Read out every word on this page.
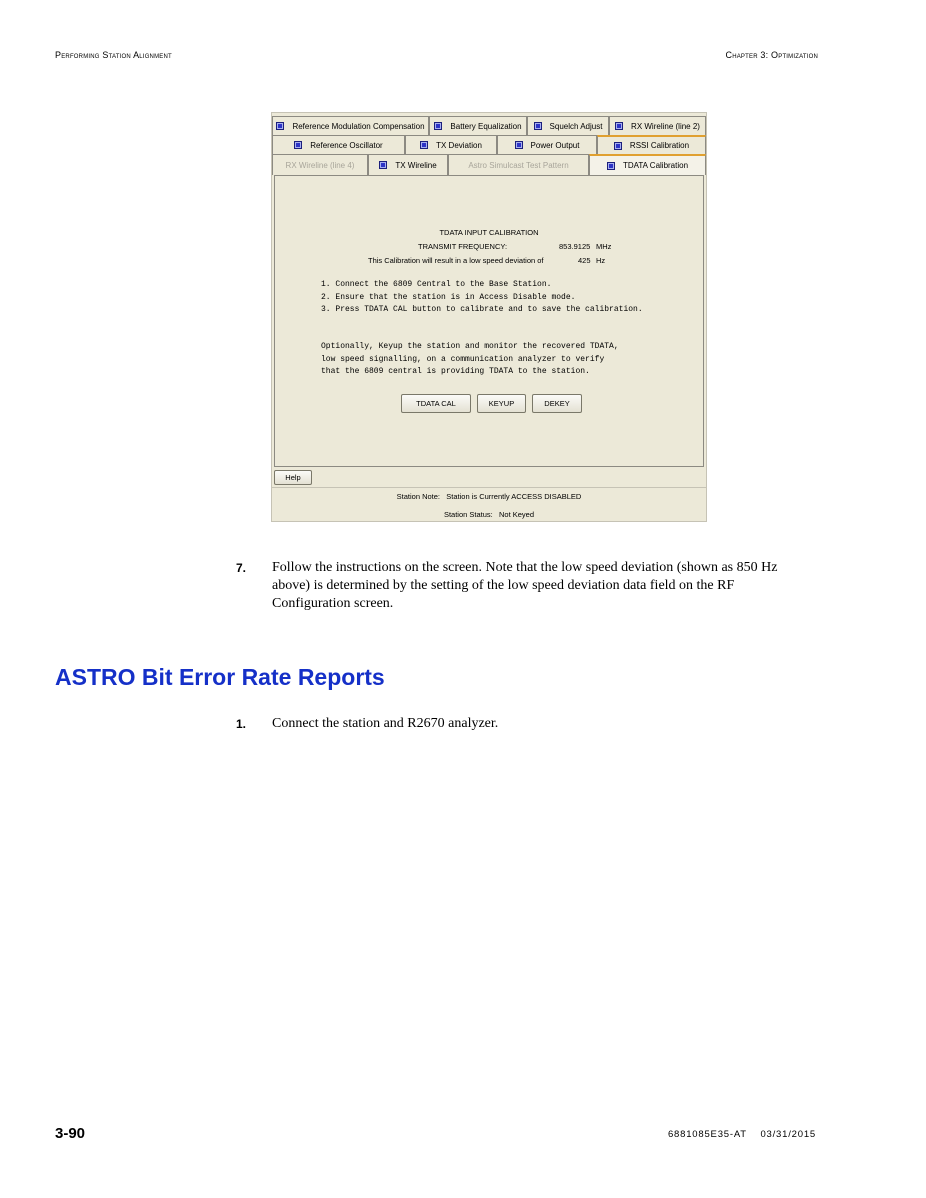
Performing Station Alignment	Chapter 3: Optimization
Reference Modulation Compensation	Battery Equalization	Squelch Adjust	RX Wireline (line 2)
Reference Oscillator	TX Deviation	Power Output	RSSI Calibration
RX Wireline (line 4)	TX Wireline	Astro Simulcast Test Pattern	TDATA Calibration
TDATA INPUT CALIBRATION
TRANSMIT FREQUENCY:	853.9125 MHz
This Calibration will result in a low speed deviation of	425 Hz
1. Connect the 6809 Central to the Base Station.
2. Ensure that the station is in Access Disable mode.
3. Press TDATA CAL button to calibrate and to save the calibration.
Optionally, Keyup the station and monitor the recovered TDATA,
low speed signalling, on a communication analyzer to verify
that the 6809 central is providing TDATA to the station.
TDATA CAL	KEYUP	DEKEY
Help
Station Note: Station is Currently ACCESS DISABLED
Station Status: Not Keyed
7. Follow the instructions on the screen. Note that the low speed deviation (shown as 850 Hz
above) is determined by the setting of the low speed deviation data field on the RF
Configuration screen.
ASTRO Bit Error Rate Reports
1. Connect the station and R2670 analyzer.
3-90	6881085E35-AT    03/31/2015
